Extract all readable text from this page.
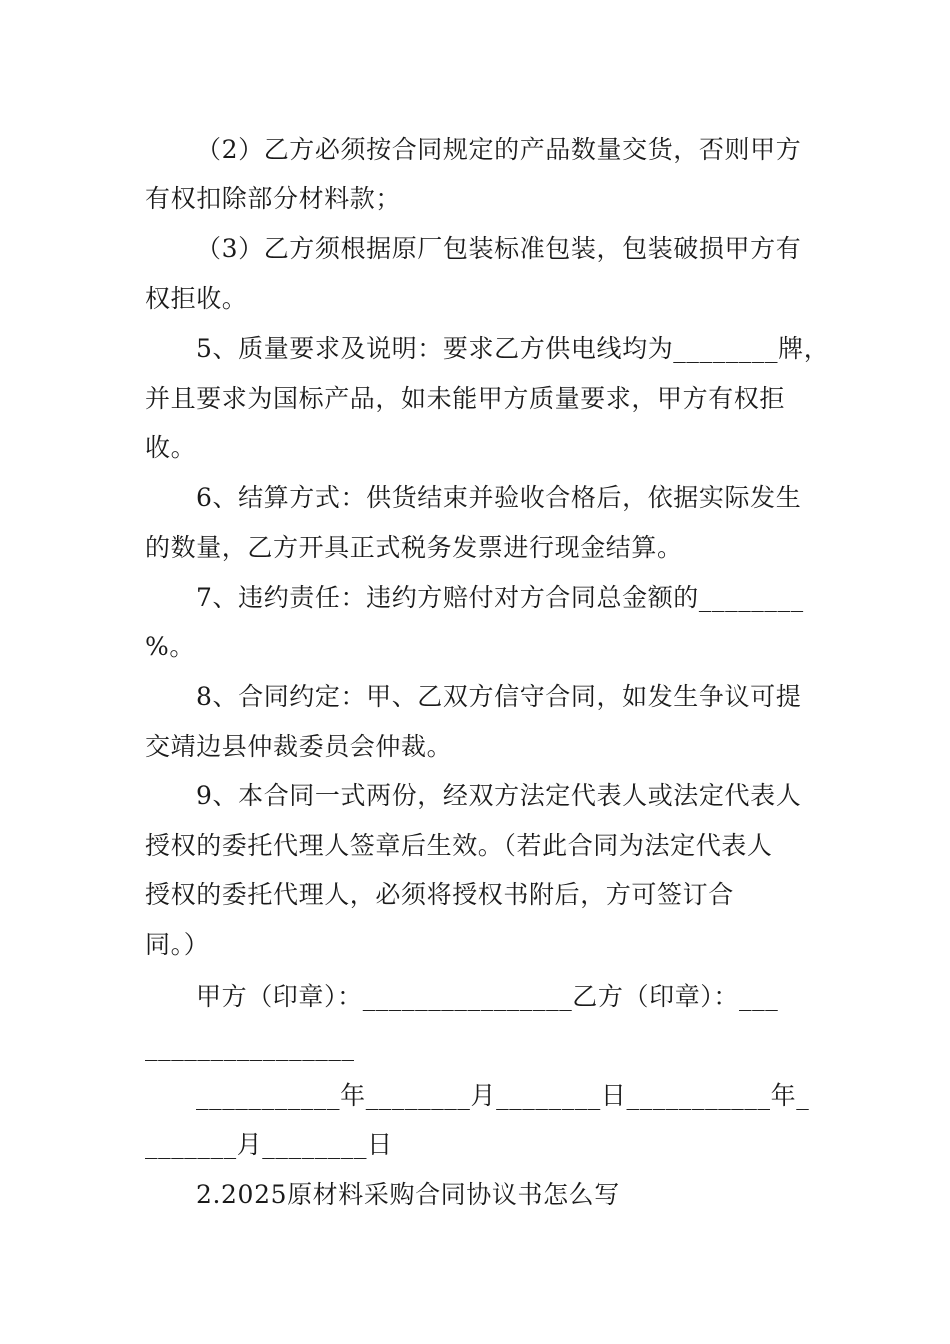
（2）乙方必须按合同规定的产品数量交货，否则甲方
有权扣除部分材料款；
（3）乙方须根据原厂包装标准包装，包装破损甲方有
权拒收。
5、质量要求及说明：要求乙方供电线均为________牌，
并且要求为国标产品，如未能甲方质量要求，甲方有权拒
收。
6、结算方式：供货结束并验收合格后，依据实际发生
的数量，乙方开具正式税务发票进行现金结算。
7、违约责任：违约方赔付对方合同总金额的________
%。
8、合同约定：甲、乙双方信守合同，如发生争议可提
交靖边县仲裁委员会仲裁。
9、本合同一式两份，经双方法定代表人或法定代表人
授权的委托代理人签章后生效。（若此合同为法定代表人
授权的委托代理人，必须将授权书附后，方可签订合
同。）
甲方（印章）：________________乙方（印章）：___
________________
___________年________月________日___________年_
_______月________日
2.2025原材料采购合同协议书怎么写
